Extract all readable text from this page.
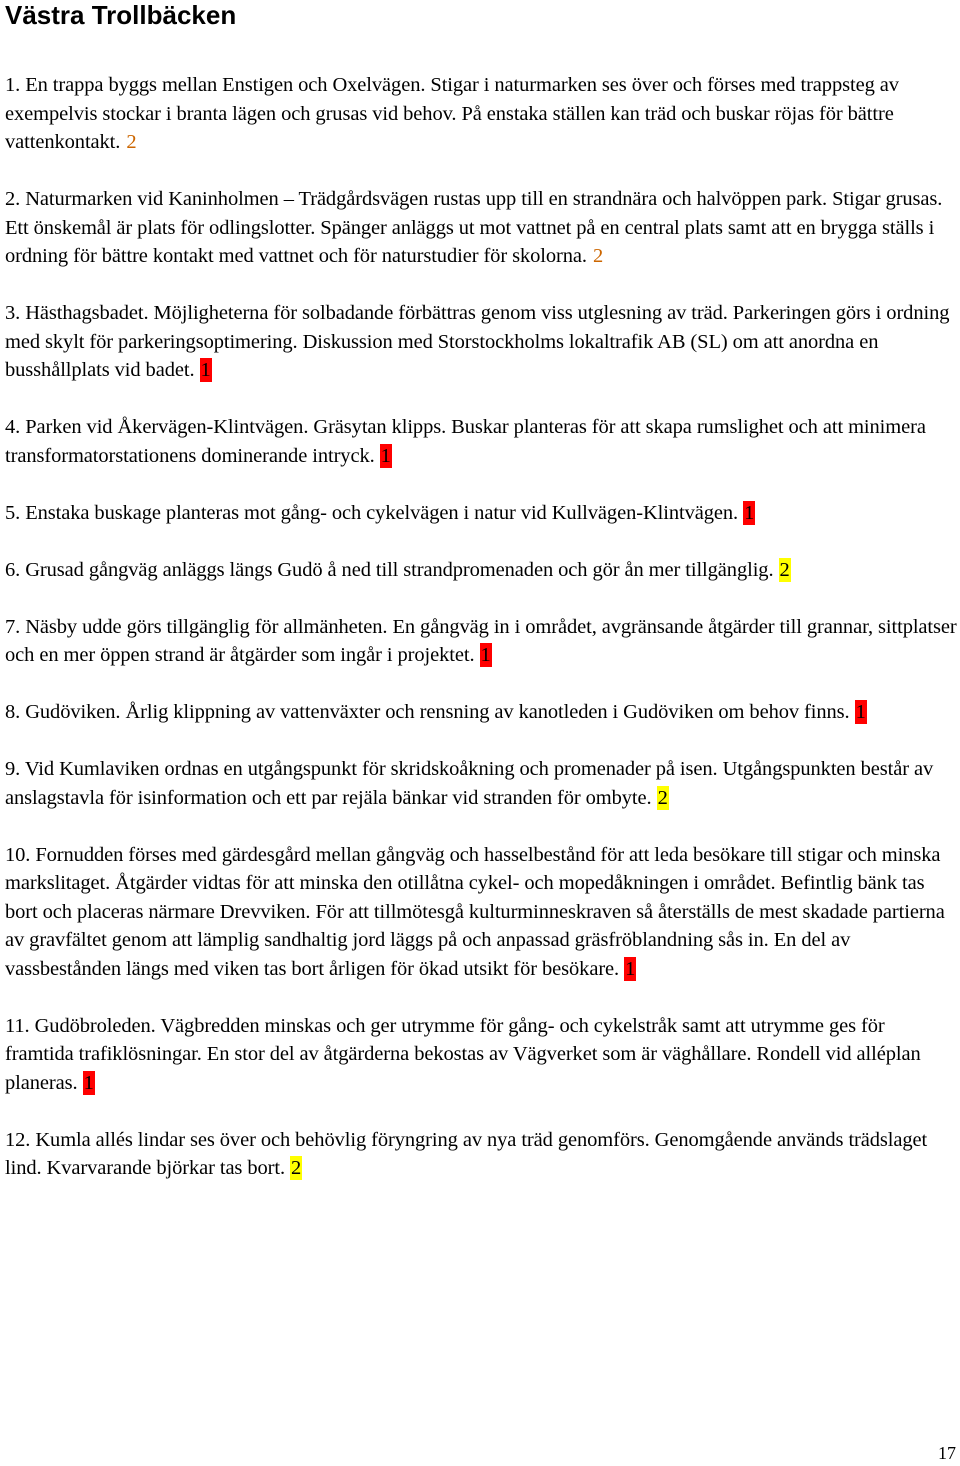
Västra Trollbäcken

1. En trappa byggs mellan Enstigen och Oxelvägen. Stigar i naturmarken ses över och förses med trappsteg av exempelvis stockar i branta lägen och grusas vid behov. På enstaka ställen kan träd och buskar röjas för bättre vattenkontakt. 2

2. Naturmarken vid Kaninholmen – Trädgårdsvägen rustas upp till en strandnära och halvöppen park. Stigar grusas. Ett önskemål är plats för odlingslotter. Spänger anläggs ut mot vattnet på en central plats samt att en brygga ställs i ordning för bättre kontakt med vattnet och för naturstudier för skolorna. 2

3. Hästhagsbadet. Möjligheterna för solbadande förbättras genom viss utglesning av träd. Parkeringen görs i ordning med skylt för parkeringsoptimering. Diskussion med Storstockholms lokaltrafik AB (SL) om att anordna en busshållplats vid badet. 1

4. Parken vid Åkervägen-Klintvägen. Gräsytan klipps. Buskar planteras för att skapa rumslighet och att minimera transformatorstationens dominerande intryck. 1

5. Enstaka buskage planteras mot gång- och cykelvägen i natur vid Kullvägen-Klintvägen. 1

6. Grusad gångväg anläggs längs Gudö å ned till strandpromenaden och gör ån mer tillgänglig. 2

7. Näsby udde görs tillgänglig för allmänheten. En gångväg in i området, avgränsande åtgärder till grannar, sittplatser och en mer öppen strand är åtgärder som ingår i projektet. 1

8. Gudöviken. Årlig klippning av vattenväxter och rensning av kanotleden i Gudöviken om behov finns. 1

9. Vid Kumlaviken ordnas en utgångspunkt för skridskoåkning och promenader på isen. Utgångspunkten består av anslagstavla för isinformation och ett par rejäla bänkar vid stranden för ombyte. 2

10. Fornudden förses med gärdesgård mellan gångväg och hasselbestånd för att leda besökare till stigar och minska markslitaget. Åtgärder vidtas för att minska den otillåtna cykel- och mopedåkningen i området. Befintlig bänk tas bort och placeras närmare Drevviken. För att tillmötesgå kulturminneskraven så återställs de mest skadade partierna av gravfältet genom att lämplig sandhaltig jord läggs på och anpassad gräsfröblandning sås in. En del av vassbestånden längs med viken tas bort årligen för ökad utsikt för besökare. 1

11. Gudöbroleden. Vägbredden minskas och ger utrymme för gång- och cykelstråk samt att utrymme ges för framtida trafiklösningar. En stor del av åtgärderna bekostas av Vägverket som är väghållare. Rondell vid alléplan planeras. 1

12. Kumla allés lindar ses över och behövlig föryngring av nya träd genomförs. Genomgående används trädslaget lind. Kvarvarande björkar tas bort. 2

17
